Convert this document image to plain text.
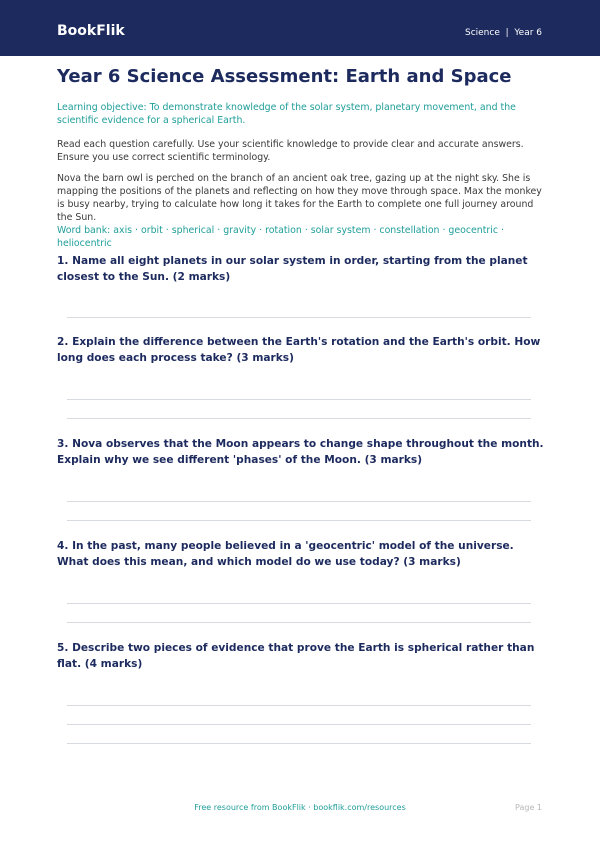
BookFlik	Science  |  Year 6
Year 6 Science Assessment: Earth and Space

Learning objective: To demonstrate knowledge of the solar system, planetary movement, and the scientific evidence for a spherical Earth.

Read each question carefully. Use your scientific knowledge to provide clear and accurate answers. Ensure you use correct scientific terminology.

Nova the barn owl is perched on the branch of an ancient oak tree, gazing up at the night sky. She is mapping the positions of the planets and reflecting on how they move through space. Max the monkey is busy nearby, trying to calculate how long it takes for the Earth to complete one full journey around the Sun.

Word bank: axis · orbit · spherical · gravity · rotation · solar system · constellation · geocentric · heliocentric

1. Name all eight planets in our solar system in order, starting from the planet closest to the Sun. (2 marks)

2. Explain the difference between the Earth's rotation and the Earth's orbit. How long does each process take? (3 marks)

3. Nova observes that the Moon appears to change shape throughout the month. Explain why we see different 'phases' of the Moon. (3 marks)

4. In the past, many people believed in a 'geocentric' model of the universe. What does this mean, and which model do we use today? (3 marks)

5. Describe two pieces of evidence that prove the Earth is spherical rather than flat. (4 marks)

Free resource from BookFlik · bookflik.com/resources	Page 1
